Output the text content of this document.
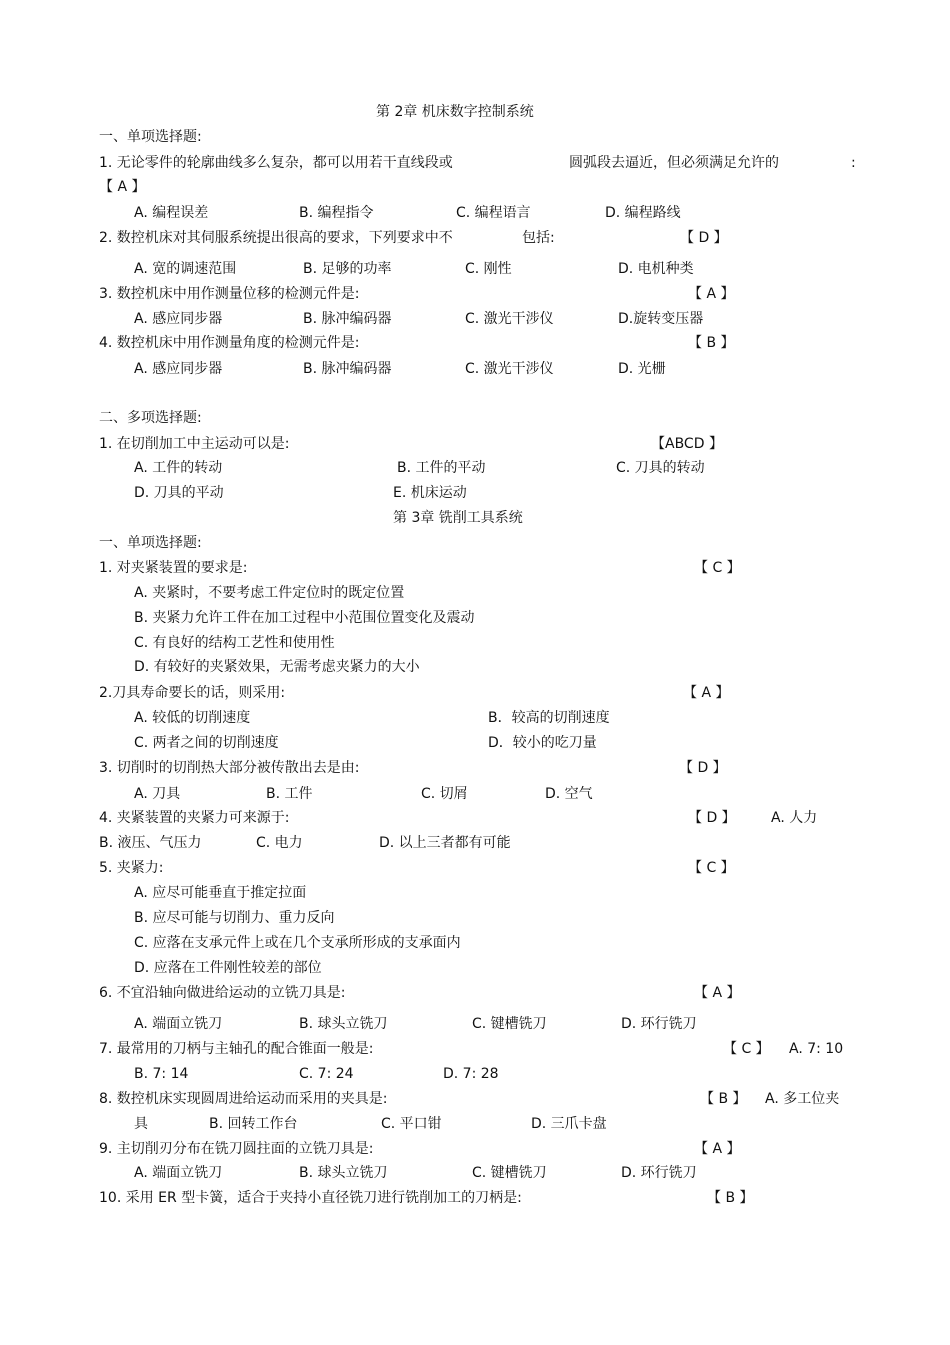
第 2章 机床数字控制系统
一、单项选择题:
1. 无论零件的轮廓曲线多么复杂，都可以用若干直线段或	圆弧段去逼近，但必须满足允许的	:
【 A 】
A. 编程误差	B. 编程指令	C. 编程语言	D. 编程路线
2. 数控机床对其伺服系统提出很高的要求，下列要求中不	包括:	【 D 】
A. 宽的调速范围	B. 足够的功率	C. 刚性	D. 电机种类
3. 数控机床中用作测量位移的检测元件是:	【 A 】
A. 感应同步器	B. 脉冲编码器	C. 激光干涉仪	D.旋转变压器
4. 数控机床中用作测量角度的检测元件是:	【 B 】
A. 感应同步器	B. 脉冲编码器	C. 激光干涉仪	D. 光栅
二、多项选择题:
1. 在切削加工中主运动可以是:	【ABCD 】
A. 工件的转动	B. 工件的平动	C. 刀具的转动
D. 刀具的平动	E. 机床运动
第 3章 铣削工具系统
一、单项选择题:
1. 对夹紧装置的要求是:	【 C 】
A. 夹紧时，不要考虑工件定位时的既定位置
B. 夹紧力允许工件在加工过程中小范围位置变化及震动
C. 有良好的结构工艺性和使用性
D. 有较好的夹紧效果，无需考虑夹紧力的大小
2.刀具寿命要长的话，则采用:	【 A 】
A. 较低的切削速度	B．较高的切削速度
C. 两者之间的切削速度	D．较小的吃刀量
3. 切削时的切削热大部分被传散出去是由:	【 D 】
A. 刀具	B. 工件	C. 切屑	D. 空气
4. 夹紧装置的夹紧力可来源于:	【 D 】	A. 人力
B. 液压、气压力	C. 电力	D. 以上三者都有可能
5. 夹紧力:	【 C 】
A. 应尽可能垂直于推定拉面
B. 应尽可能与切削力、重力反向
C. 应落在支承元件上或在几个支承所形成的支承面内
D. 应落在工件刚性较差的部位
6. 不宜沿轴向做进给运动的立铣刀具是:	【 A 】
A. 端面立铣刀	B. 球头立铣刀	C. 键槽铣刀	D. 环行铣刀
7. 最常用的刀柄与主轴孔的配合锥面一般是:	【 C 】 A. 7: 10
B. 7: 14	C. 7: 24	D. 7: 28
8. 数控机床实现圆周进给运动而采用的夹具是:	【 B 】 A. 多工位夹
具	B. 回转工作台	C. 平口钳	D. 三爪卡盘
9. 主切削刃分布在铣刀圆拄面的立铣刀具是:	【 A 】
A. 端面立铣刀	B. 球头立铣刀	C. 键槽铣刀	D. 环行铣刀
10. 采用 ER 型卡簧，适合于夹持小直径铣刀进行铣削加工的刀柄是:	【 B 】
